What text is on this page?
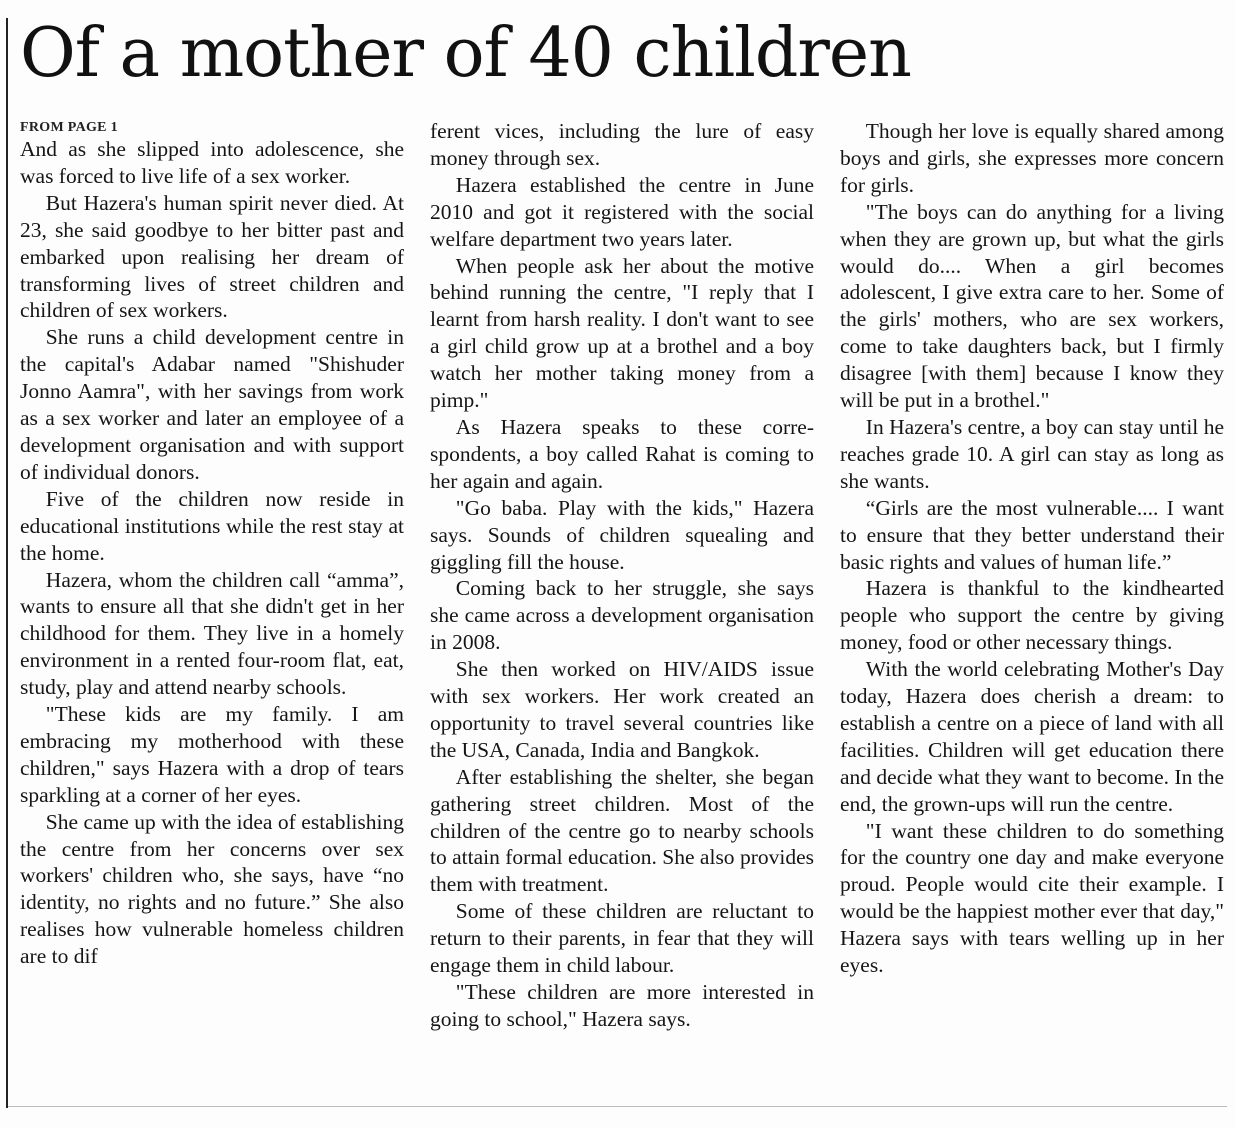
Of a mother of 40 children
FROM PAGE 1

And as she slipped into adolescence, she was forced to live life of a sex worker.

But Hazera's human spirit never died. At 23, she said goodbye to her bitter past and embarked upon realising her dream of transforming lives of street children and children of sex workers.

She runs a child development centre in the capital's Adabar named "Shishuder Jonno Aamra", with her savings from work as a sex worker and later an employee of a development organisation and with support of individual donors.

Five of the children now reside in educational institutions while the rest stay at the home.

Hazera, whom the children call “amma”, wants to ensure all that she didn't get in her childhood for them. They live in a homely environment in a rented four-room flat, eat, study, play and attend nearby schools.

"These kids are my family. I am embracing my motherhood with these children," says Hazera with a drop of tears sparkling at a corner of her eyes.

She came up with the idea of establishing the centre from her concerns over sex workers' children who, she says, have “no identity, no rights and no future.” She also realises how vulnerable homeless children are to dif

ferent vices, including the lure of easy money through sex.

Hazera established the centre in June 2010 and got it registered with the social welfare department two years later.

When people ask her about the motive behind running the centre, "I reply that I learnt from harsh reality. I don't want to see a girl child grow up at a brothel and a boy watch her mother taking money from a pimp."

As Hazera speaks to these correspondents, a boy called Rahat is coming to her again and again.

"Go baba. Play with the kids," Hazera says. Sounds of children squealing and giggling fill the house.

Coming back to her struggle, she says she came across a development organisation in 2008.

She then worked on HIV/AIDS issue with sex workers. Her work created an opportunity to travel several countries like the USA, Canada, India and Bangkok.

After establishing the shelter, she began gathering street children. Most of the children of the centre go to nearby schools to attain formal education. She also provides them with treatment.

Some of these children are reluctant to return to their parents, in fear that they will engage them in child labour.

"These children are more interested in going to school," Hazera says.

Though her love is equally shared among boys and girls, she expresses more concern for girls.

"The boys can do anything for a living when they are grown up, but what the girls would do.... When a girl becomes adolescent, I give extra care to her. Some of the girls' mothers, who are sex workers, come to take daughters back, but I firmly disagree [with them] because I know they will be put in a brothel."

In Hazera's centre, a boy can stay until he reaches grade 10. A girl can stay as long as she wants.

“Girls are the most vulnerable.... I want to ensure that they better understand their basic rights and values of human life.”

Hazera is thankful to the kindhearted people who support the centre by giving money, food or other necessary things.

With the world celebrating Mother's Day today, Hazera does cherish a dream: to establish a centre on a piece of land with all facilities. Children will get education there and decide what they want to become. In the end, the grown-ups will run the centre.

"I want these children to do something for the country one day and make everyone proud. People would cite their example. I would be the happiest mother ever that day," Hazera says with tears welling up in her eyes.
